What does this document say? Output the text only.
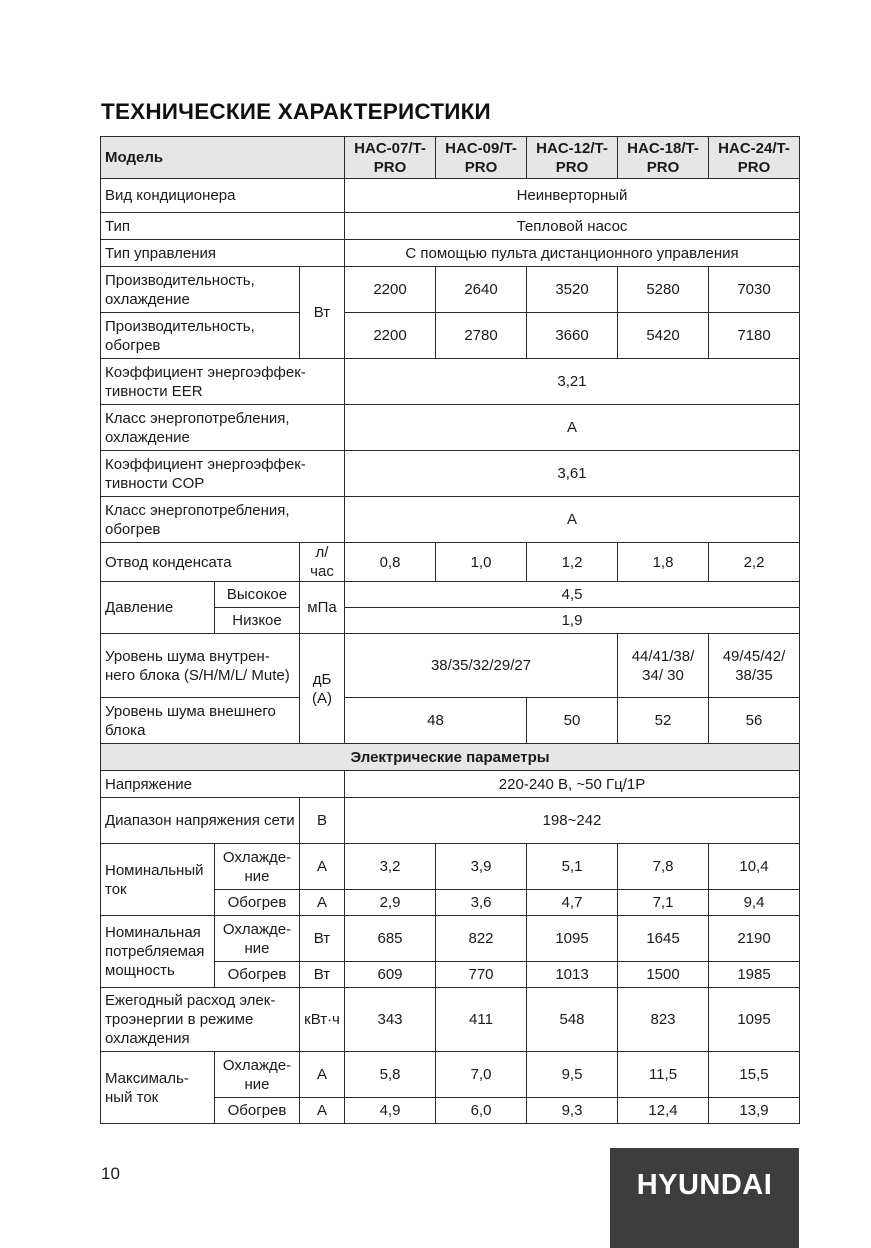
ТЕХНИЧЕСКИЕ ХАРАКТЕРИСТИКИ
Модель			HAC-07/T-PRO	HAC-09/T-PRO	HAC-12/T-PRO	HAC-18/T-PRO	HAC-24/T-PRO
Вид кондиционера			Неинверторный				
Тип			Тепловой насос				
Тип управления			С помощью пульта дистанционного управления				
Производительность, охлаждение		Вт	2200	2640	3520	5280	7030
Производительность, обогрев			2200	2780	3660	5420	7180
Коэффициент энергоэффек- тивности EER			3,21				
Класс энергопотребления, охлаждение			A				
Коэффициент энергоэффек- тивности COP			3,61				
Класс энергопотребления, обогрев			A				
Отвод конденсата		л/час	0,8	1,0	1,2	1,8	2,2
Давление	Высокое	мПа	4,5				
	Низкое		1,9				
Уровень шума внутрен- него блока (S/H/M/L/ Mute)		дБ (А)	38/35/32/29/27			44/41/38/ 34/ 30	49/45/42/ 38/35
Уровень шума внешнего блока			48		50	52	56
Электрические параметры							
Напряжение			220-240 В, ~50 Гц/1Р				
Диапазон напряжения сети		В	198~242				
Номинальный ток	Охлажде- ние	А	3,2	3,9	5,1	7,8	10,4
	Обогрев	А	2,9	3,6	4,7	7,1	9,4
Номинальная потребляемая мощность	Охлажде- ние	Вт	685	822	1095	1645	2190
	Обогрев	Вт	609	770	1013	1500	1985
Ежегодный расход элек- троэнергии в режиме охлаждения		кВт·ч	343	411	548	823	1095
Максималь- ный ток	Охлажде- ние	А	5,8	7,0	9,5	11,5	15,5
	Обогрев	А	4,9	6,0	9,3	12,4	13,9
10	HYUNDAI
